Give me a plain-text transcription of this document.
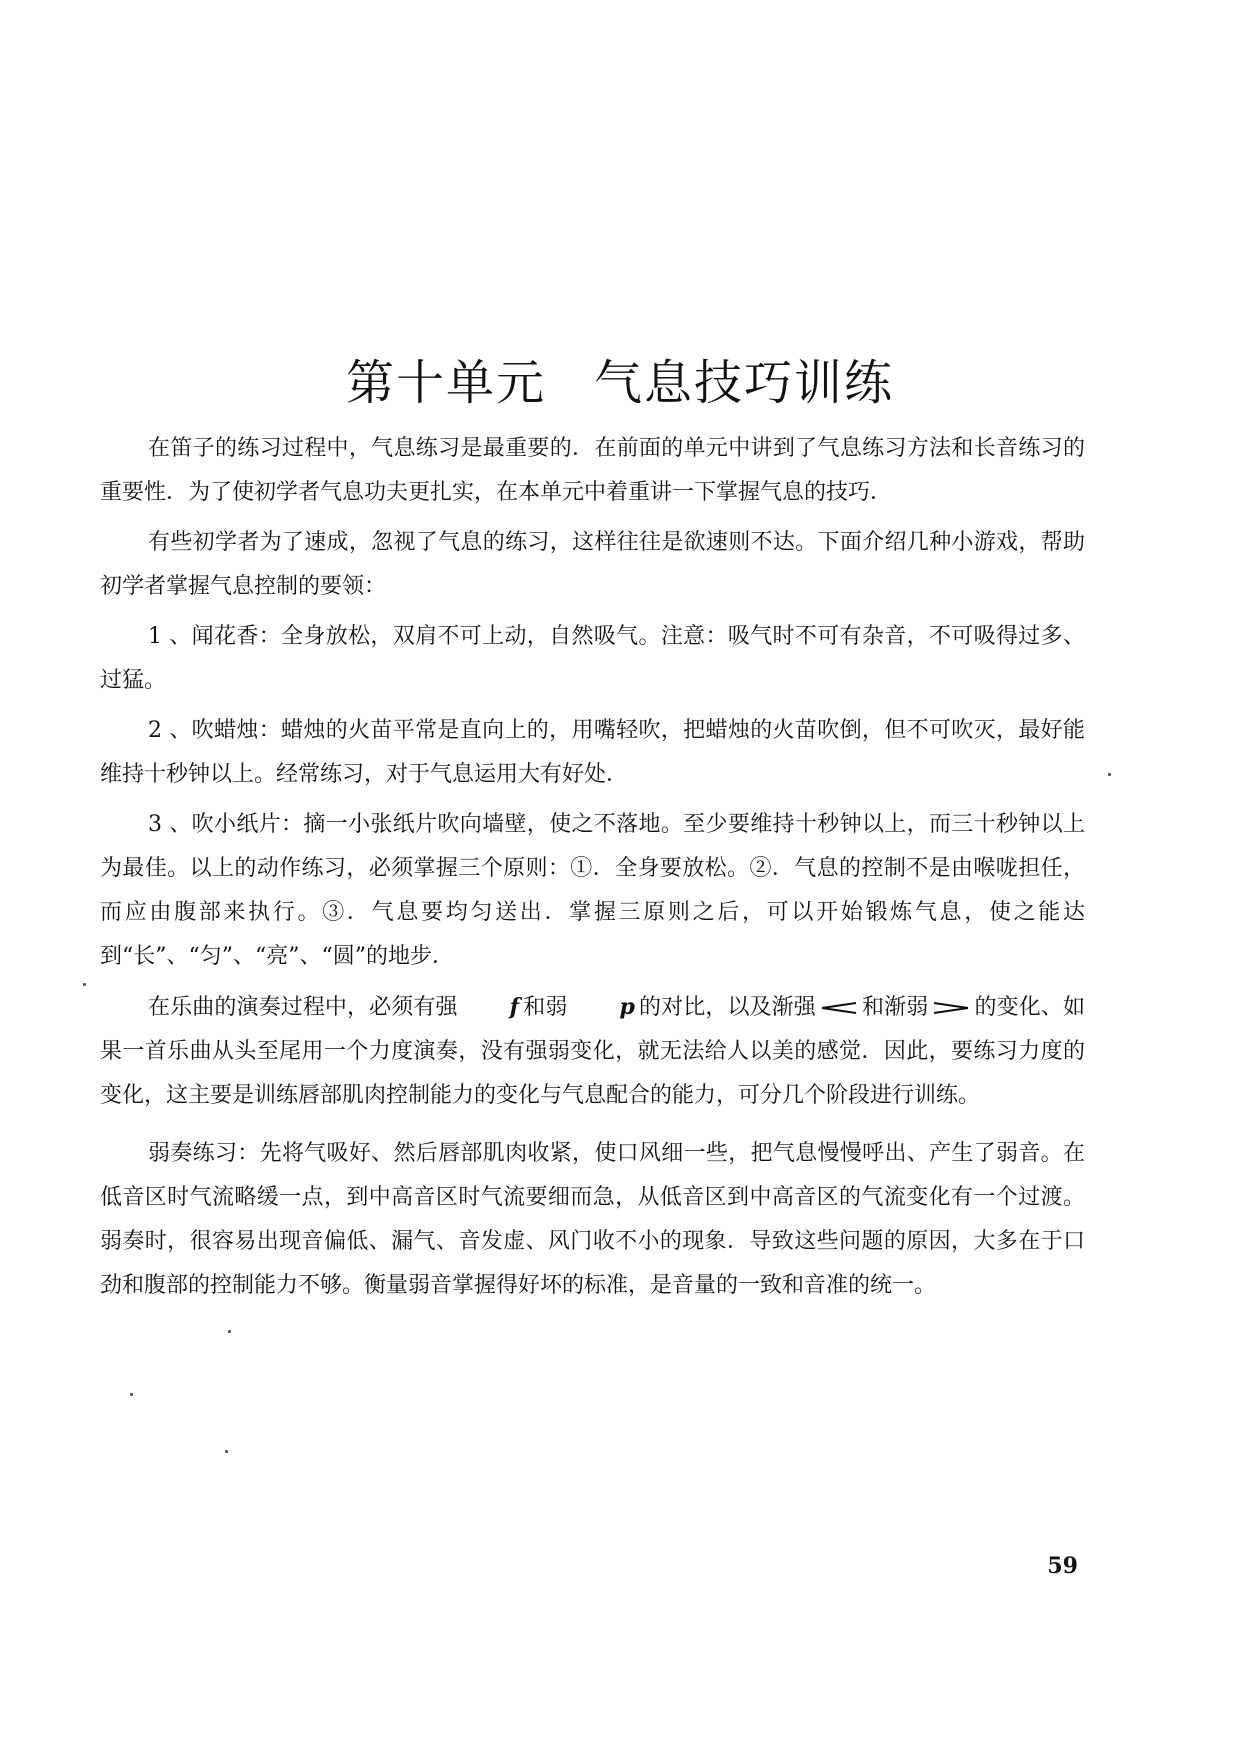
第十单元 气息技巧训练

在笛子的练习过程中，气息练习是最重要的．在前面的单元中讲到了气息练习方法和长音练习的重要性．为了使初学者气息功夫更扎实，在本单元中着重讲一下掌握气息的技巧．

有些初学者为了速成，忽视了气息的练习，这样往往是欲速则不达。下面介绍几种小游戏，帮助初学者掌握气息控制的要领：

1 、闻花香：全身放松，双肩不可上动，自然吸气。注意：吸气时不可有杂音，不可吸得过多、过猛。

2 、吹蜡烛：蜡烛的火苗平常是直向上的，用嘴轻吹，把蜡烛的火苗吹倒，但不可吹灭，最好能维持十秒钟以上。经常练习，对于气息运用大有好处．

3 、吹小纸片：摘一小张纸片吹向墙壁，使之不落地。至少要维持十秒钟以上，而三十秒钟以上为最佳。以上的动作练习，必须掌握三个原则：①．全身要放松。②．气息的控制不是由喉咙担任，而应由腹部来执行。③．气息要均匀送出．掌握三原则之后，可以开始锻炼气息，使之能达到“长”、“匀”、“亮”、“圆”的地步．

在乐曲的演奏过程中，必须有强 f 和弱 p 的对比，以及渐强 和渐弱 的变化、如果一首乐曲从头至尾用一个力度演奏，没有强弱变化，就无法给人以美的感觉．因此，要练习力度的变化，这主要是训练唇部肌肉控制能力的变化与气息配合的能力，可分几个阶段进行训练。

弱奏练习：先将气吸好、然后唇部肌肉收紧，使口风细一些，把气息慢慢呼出、产生了弱音。在低音区时气流略缓一点，到中高音区时气流要细而急，从低音区到中高音区的气流变化有一个过渡。弱奏时，很容易出现音偏低、漏气、音发虚、风门收不小的现象．导致这些问题的原因，大多在于口劲和腹部的控制能力不够。衡量弱音掌握得好坏的标准，是音量的一致和音准的统一。

59
